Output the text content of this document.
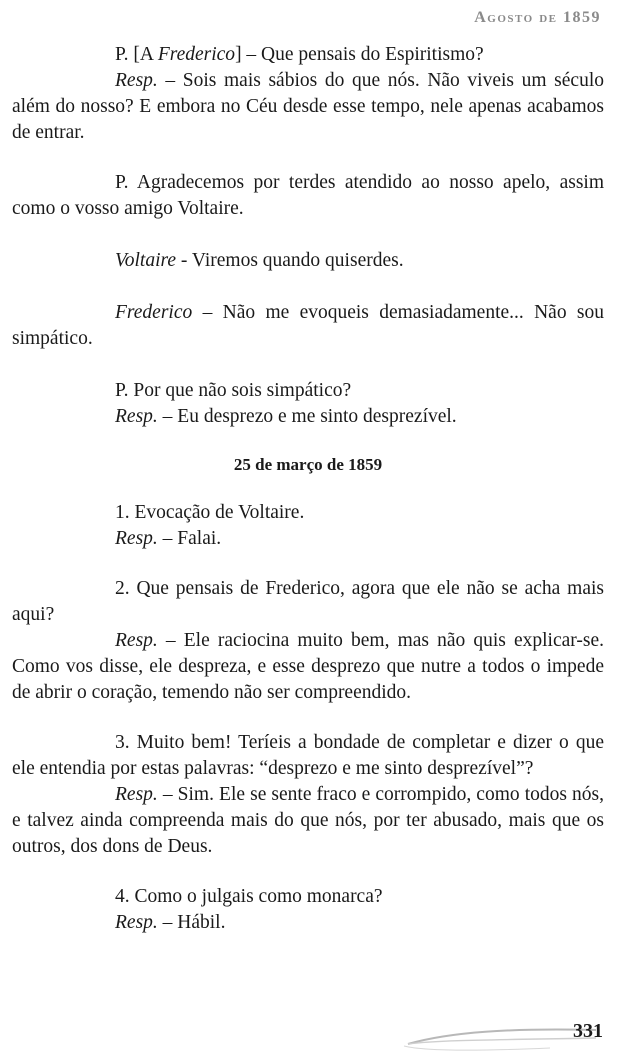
Agosto de 1859

P. [A Frederico] – Que pensais do Espiritismo?

Resp. – Sois mais sábios do que nós. Não viveis um século além do nosso? E embora no Céu desde esse tempo, nele apenas acabamos de entrar.

P. Agradecemos por terdes atendido ao nosso apelo, assim como o vosso amigo Voltaire.

Voltaire - Viremos quando quiserdes.

Frederico – Não me evoqueis demasiadamente... Não sou simpático.

P. Por que não sois simpático?

Resp. – Eu desprezo e me sinto desprezível.

25 de março de 1859

1. Evocação de Voltaire.

Resp. – Falai.

2. Que pensais de Frederico, agora que ele não se acha mais aqui?

Resp. – Ele raciocina muito bem, mas não quis explicar-se. Como vos disse, ele despreza, e esse desprezo que nutre a todos o impede de abrir o coração, temendo não ser compreendido.

3. Muito bem! Teríeis a bondade de completar e dizer o que ele entendia por estas palavras: “desprezo e me sinto desprezível”?

Resp. – Sim. Ele se sente fraco e corrompido, como todos nós, e talvez ainda compreenda mais do que nós, por ter abusado, mais que os outros, dos dons de Deus.

4. Como o julgais como monarca?

Resp. – Hábil.

331
